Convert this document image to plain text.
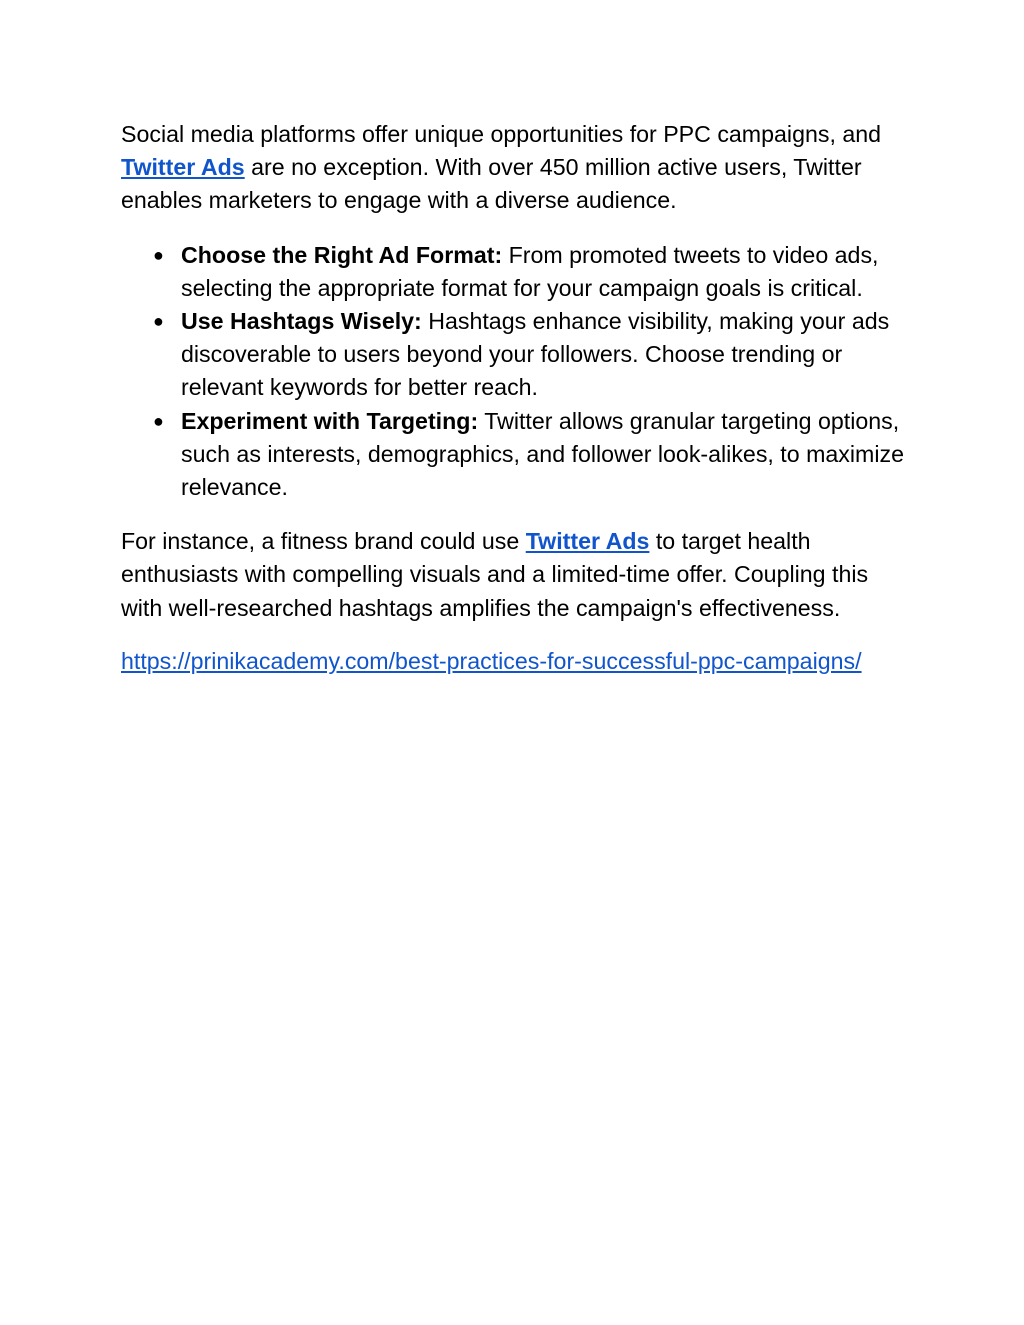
Social media platforms offer unique opportunities for PPC campaigns, and Twitter Ads are no exception. With over 450 million active users, Twitter enables marketers to engage with a diverse audience.

● Choose the Right Ad Format: From promoted tweets to video ads, selecting the appropriate format for your campaign goals is critical.
● Use Hashtags Wisely: Hashtags enhance visibility, making your ads discoverable to users beyond your followers. Choose trending or relevant keywords for better reach.
● Experiment with Targeting: Twitter allows granular targeting options, such as interests, demographics, and follower look-alikes, to maximize relevance.

For instance, a fitness brand could use Twitter Ads to target health enthusiasts with compelling visuals and a limited-time offer. Coupling this with well-researched hashtags amplifies the campaign's effectiveness.

https://prinikacademy.com/best-practices-for-successful-ppc-campaigns/
